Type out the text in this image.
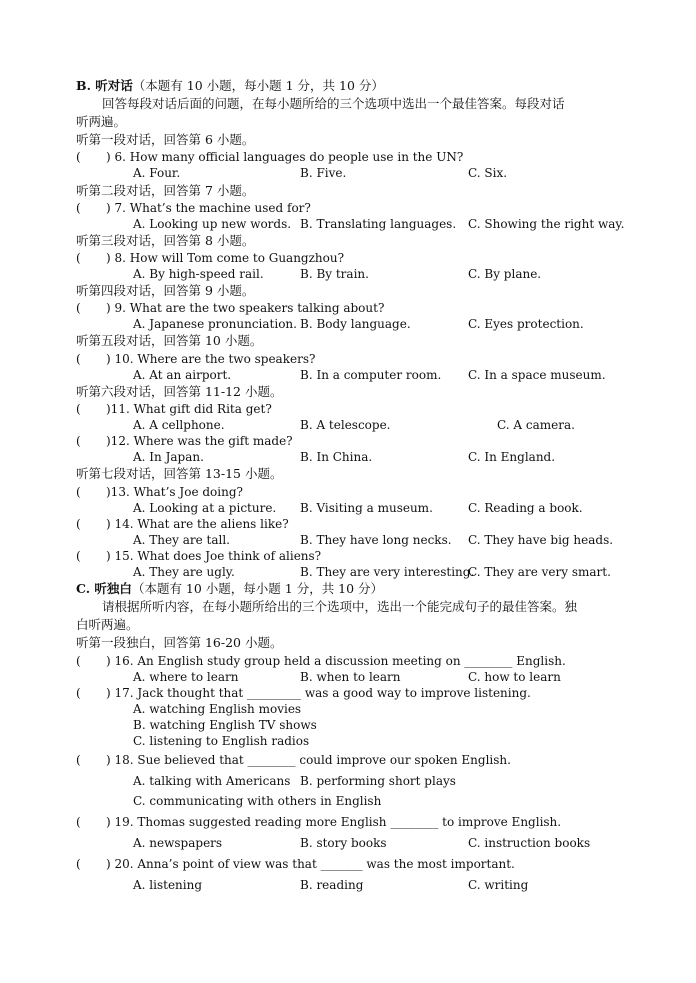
B. 听对话（本题有 10 小题，每小题 1 分，共 10 分）
回答每段对话后面的问题，在每小题所给的三个选项中选出一个最佳答案。每段对话
听两遍。
听第一段对话，回答第 6 小题。
( ) 6. How many official languages do people use in the UN?
A. Four.	B. Five.	C. Six.
听第二段对话，回答第 7 小题。
( ) 7. What’s the machine used for?
A. Looking up new words. B. Translating languages. C. Showing the right way.
听第三段对话，回答第 8 小题。
( ) 8. How will Tom come to Guangzhou?
A. By high-speed rail.	B. By train.	C. By plane.
听第四段对话，回答第 9 小题。
( ) 9. What are the two speakers talking about?
A. Japanese pronunciation. B. Body language.	C. Eyes protection.
听第五段对话，回答第 10 小题。
( ) 10. Where are the two speakers?
A. At an airport.	B. In a computer room. C. In a space museum.
听第六段对话，回答第 11-12 小题。
( )11. What gift did Rita get?
A. A cellphone.	B. A telescope.	C. A camera.
( )12. Where was the gift made?
A. In Japan.	B. In China.	C. In England.
听第七段对话，回答第 13-15 小题。
( )13. What’s Joe doing?
A. Looking at a picture. B. Visiting a museum.	C. Reading a book.
( ) 14. What are the aliens like?
A. They are tall.	B. They have long necks. C. They have big heads.
( ) 15. What does Joe think of aliens?
A. They are ugly.	B. They are very interesting.
C. They are very smart.
C. 听独白（本题有 10 小题，每小题 1 分，共 10 分）
请根据所听内容，在每小题所给出的三个选项中，选出一个能完成句子的最佳答案。独
白听两遍。
听第一段独白，回答第 16-20 小题。
( ) 16. An English study group held a discussion meeting on ________ English.
A. where to learn	B. when to learn	C. how to learn
( ) 17. Jack thought that _________ was a good way to improve listening.
A. watching English movies
B. watching English TV shows
C. listening to English radios
( ) 18. Sue believed that ________ could improve our spoken English.
A. talking with Americans B. performing short plays
C. communicating with others in English
( ) 19. Thomas suggested reading more English ________ to improve English.
A. newspapers	B. story books	C. instruction books
( ) 20. Anna’s point of view was that _______ was the most important.
A. listening	B. reading	C. writing
